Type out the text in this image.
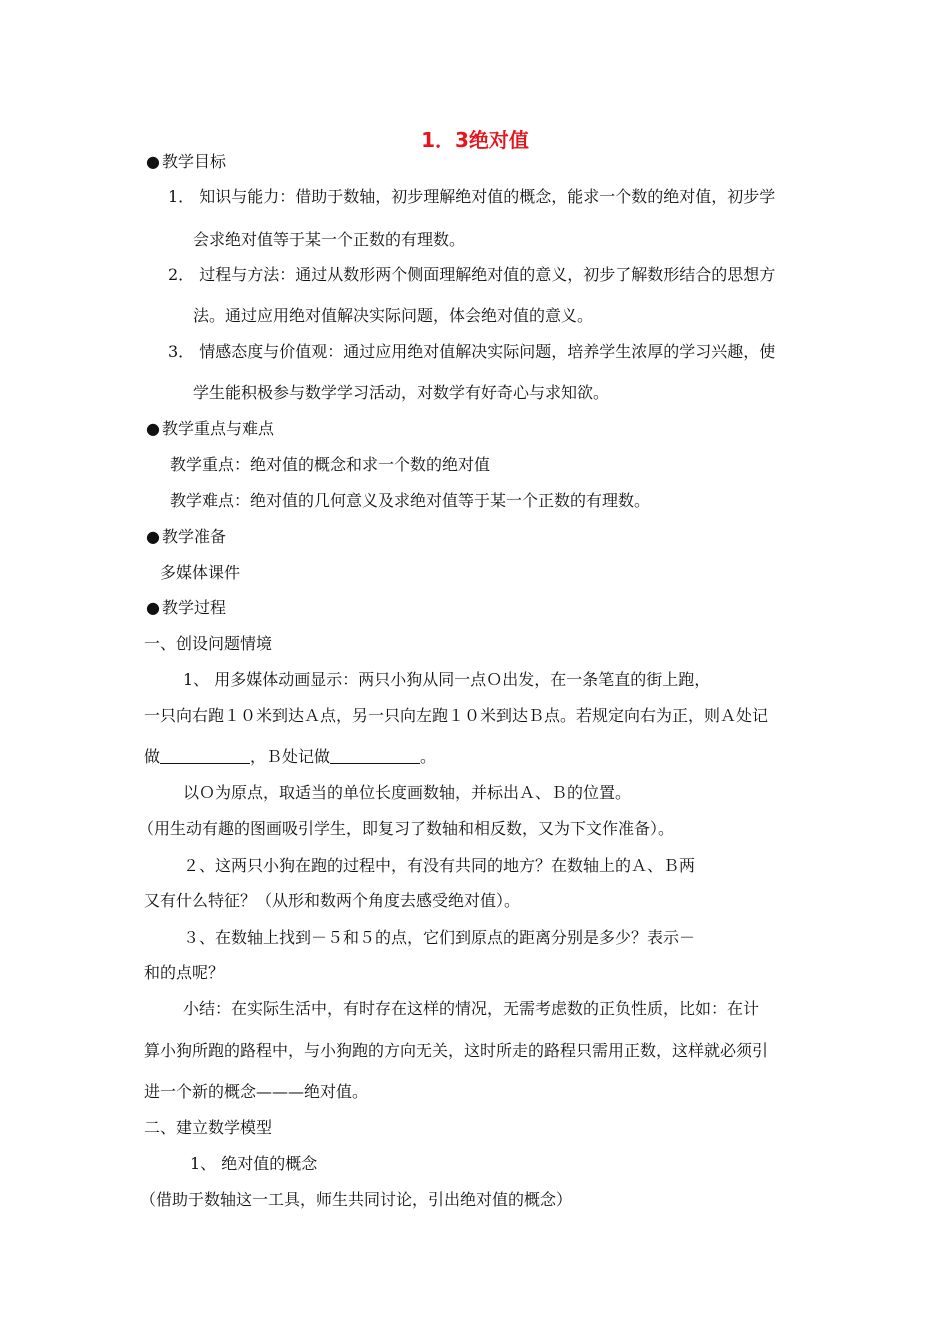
1．3绝对值
● 教学目标
1． 知识与能力：借助于数轴，初步理解绝对值的概念，能求一个数的绝对值，初步学
会求绝对值等于某一个正数的有理数。
2． 过程与方法：通过从数形两个侧面理解绝对值的意义，初步了解数形结合的思想方
法。通过应用绝对值解决实际问题，体会绝对值的意义。
3． 情感态度与价值观：通过应用绝对值解决实际问题，培养学生浓厚的学习兴趣，使
学生能积极参与数学学习活动，对数学有好奇心与求知欲。
● 教学重点与难点
教学重点：绝对值的概念和求一个数的绝对值
教学难点：绝对值的几何意义及求绝对值等于某一个正数的有理数。
● 教学准备
多媒体课件
● 教学过程
一、创设问题情境
1、 用多媒体动画显示：两只小狗从同一点Ｏ出发，在一条笔直的街上跑，
一只向右跑１０米到达Ａ点，另一只向左跑１０米到达Ｂ点。若规定向右为正，则Ａ处记
做	，Ｂ处记做	。
以Ｏ为原点，取适当的单位长度画数轴，并标出Ａ、Ｂ的位置。
（用生动有趣的图画吸引学生，即复习了数轴和相反数，又为下文作准备）。
２、这两只小狗在跑的过程中，有没有共同的地方？在数轴上的Ａ、Ｂ两
又有什么特征？（从形和数两个角度去感受绝对值）。
３、在数轴上找到－５和５的点，它们到原点的距离分别是多少？表示－
和的点呢？
小结：在实际生活中，有时存在这样的情况，无需考虑数的正负性质，比如：在计
算小狗所跑的路程中，与小狗跑的方向无关，这时所走的路程只需用正数，这样就必须引
进一个新的概念———绝对值。
二、建立数学模型
1、 绝对值的概念
（借助于数轴这一工具，师生共同讨论，引出绝对值的概念）
